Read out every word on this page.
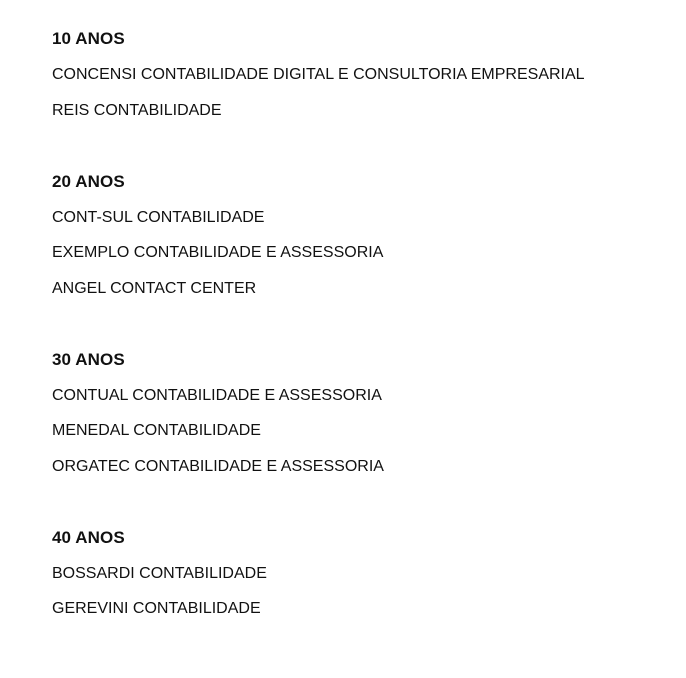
10 ANOS
CONCENSI CONTABILIDADE DIGITAL E CONSULTORIA EMPRESARIAL
REIS CONTABILIDADE
20 ANOS
CONT-SUL CONTABILIDADE
EXEMPLO CONTABILIDADE E ASSESSORIA
ANGEL CONTACT CENTER
30 ANOS
CONTUAL CONTABILIDADE E ASSESSORIA
MENEDAL CONTABILIDADE
ORGATEC CONTABILIDADE E ASSESSORIA
40 ANOS
BOSSARDI CONTABILIDADE
GEREVINI CONTABILIDADE
